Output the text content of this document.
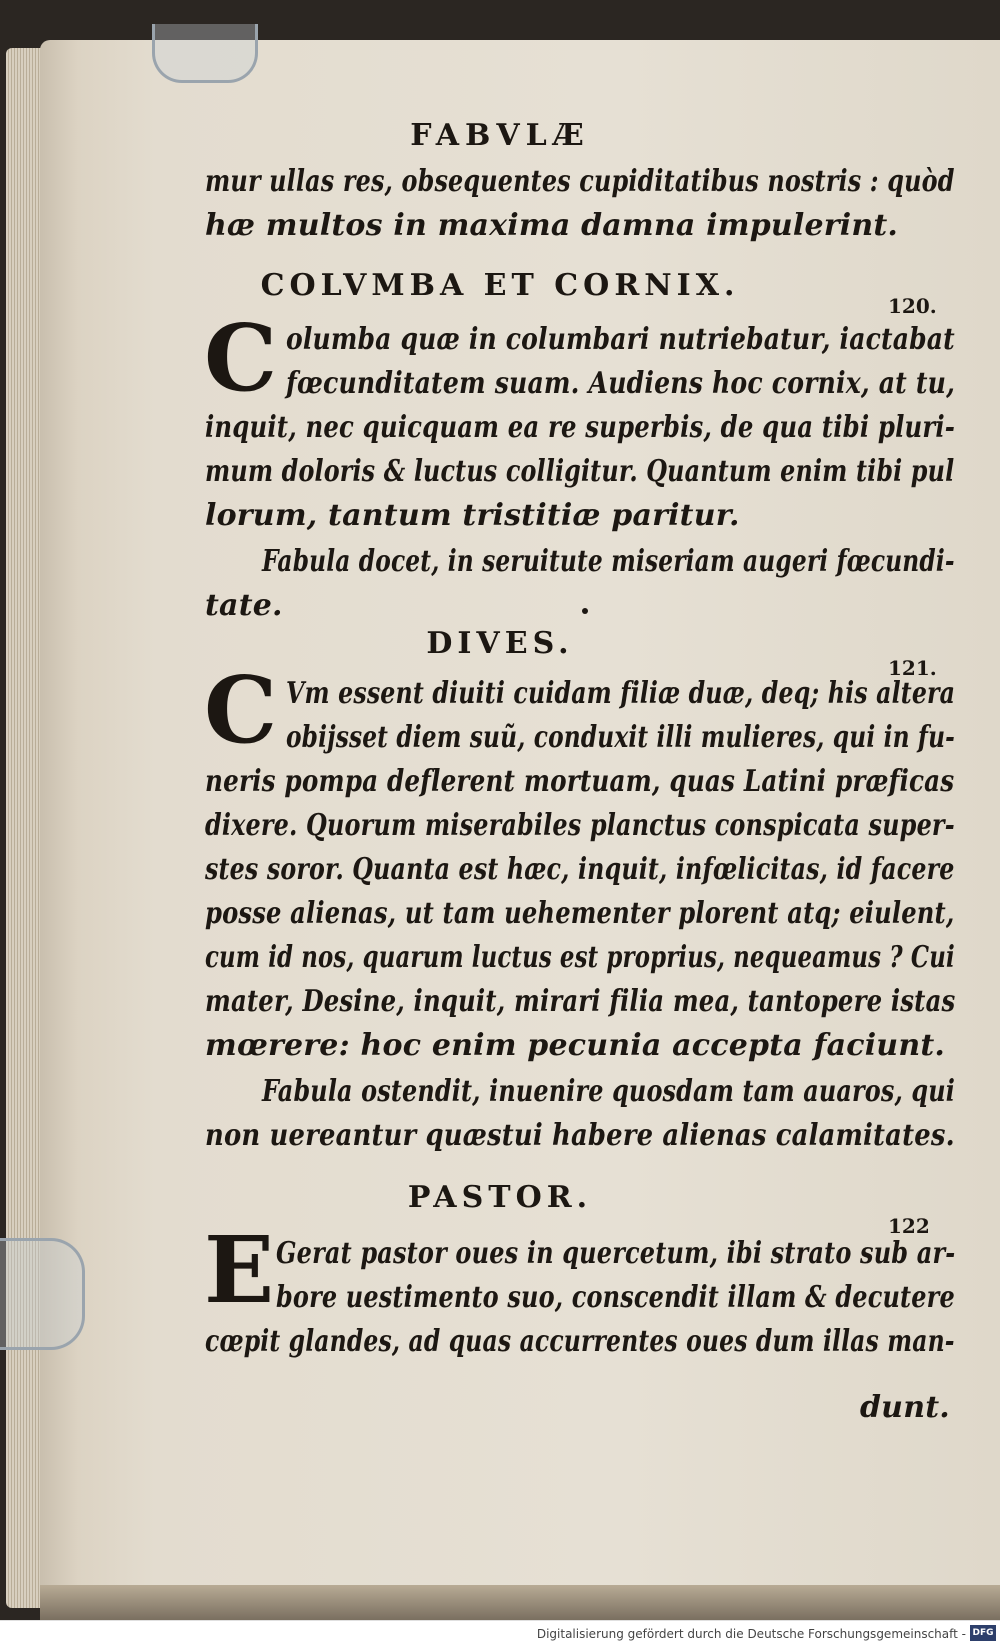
FABVLÆ
mur ullas res, obsequentes cupiditatibus nostris : quòd
hæ multos in maxima damna impulerint.
COLVMBA ET CORNIX.
120.
C olumba quæ in columbari nutriebatur, iactabat
fœcunditatem suam. Audiens hoc cornix, at tu,
inquit, nec quicquam ea re superbis, de qua tibi pluri-
mum doloris & luctus colligitur. Quantum enim tibi pul
lorum, tantum tristitiæ paritur.
Fabula docet, in seruitute miseriam augeri fœcundi-
tate.
DIVES.
121.
C Vm essent diuiti cuidam filiæ duæ, deq; his altera
obijsset diem suũ, conduxit illi mulieres, qui in fu-
neris pompa deflerent mortuam, quas Latini præficas
dixere. Quorum miserabiles planctus conspicata super-
stes soror. Quanta est hæc, inquit, infœlicitas, id facere
posse alienas, ut tam uehementer plorent atq; eiulent,
cum id nos, quarum luctus est proprius, nequeamus ? Cui
mater, Desine, inquit, mirari filia mea, tantopere istas
mœrere: hoc enim pecunia accepta faciunt.
Fabula ostendit, inuenire quosdam tam auaros, qui
non uereantur quæstui habere alienas calamitates.
PASTOR.
122
E Gerat pastor oues in quercetum, ibi strato sub ar-
bore uestimento suo, conscendit illam & decutere
cœpit glandes, ad quas accurrentes oues dum illas man-
dunt.
Digitalisierung gefördert durch die Deutsche Forschungsgemeinschaft - DFG
